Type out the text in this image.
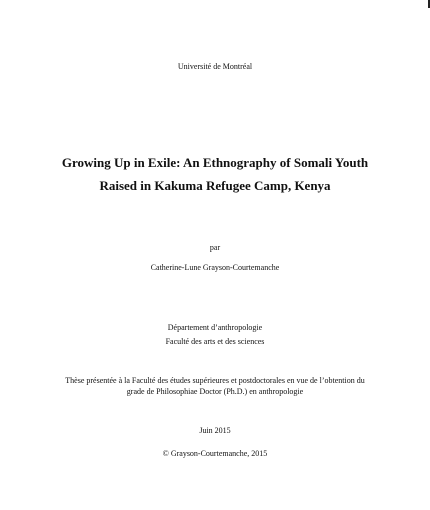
Université de Montréal
Growing Up in Exile: An Ethnography of Somali Youth
Raised in Kakuma Refugee Camp, Kenya
par
Catherine-Lune Grayson-Courtemanche
Département d’anthropologie
Faculté des arts et des sciences
Thèse présentée à la Faculté des études supérieures et postdoctorales en vue de l’obtention du
grade de Philosophiae Doctor (Ph.D.) en anthropologie
Juin 2015
© Grayson-Courtemanche, 2015
